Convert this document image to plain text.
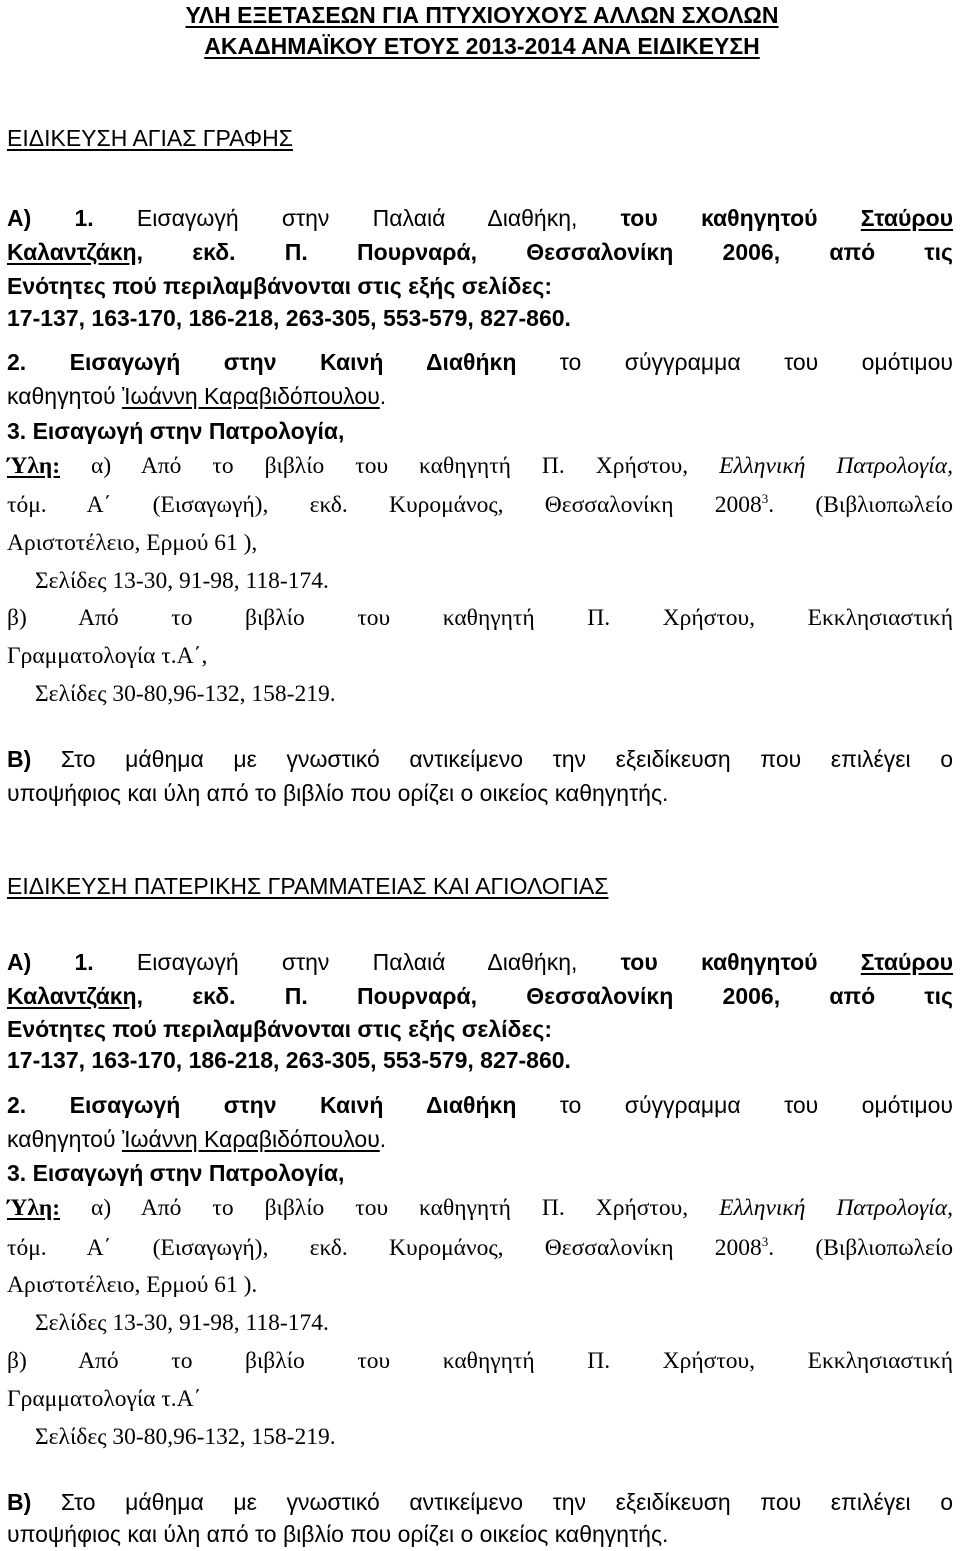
ΥΛΗ ΕΞΕΤΑΣΕΩΝ ΓΙΑ ΠΤΥΧΙΟΥΧΟΥΣ ΑΛΛΩΝ ΣΧΟΛΩΝ
ΑΚΑΔΗΜΑΪΚΟΥ ΕΤΟΥΣ 2013-2014 ΑΝΑ ΕΙΔΙΚΕΥΣΗ
ΕΙΔΙΚΕΥΣΗ ΑΓΙΑΣ ΓΡΑΦΗΣ
Α) 1. Εισαγωγή στην Παλαιά Διαθήκη, του καθηγητού Σταύρου
Καλαντζάκη, εκδ. Π. Πουρναρά, Θεσσαλονίκη 2006, από τις
Ενότητες πού περιλαμβάνονται στις εξής σελίδες:
17-137, 163-170, 186-218, 263-305, 553-579, 827-860.
2. Εισαγωγή στην Καινή Διαθήκη το σύγγραμμα του ομότιμου
καθηγητού Ἰωάννη Καραβιδόπουλου.
3. Εισαγωγή στην Πατρολογία,
Ύλη: α) Από το βιβλίο του καθηγητή Π. Χρήστου, Ελληνική Πατρολογία,
τόμ. Α΄ (Εισαγωγή), εκδ. Κυρομάνος, Θεσσαλονίκη 2008$^3$. (Βιβλιοπωλείο
Αριστοτέλειο, Ερμού 61 ),
Σελίδες 13-30, 91-98, 118-174.
β) Από το βιβλίο του καθηγητή Π. Χρήστου, Εκκλησιαστική
Γραμματολογία τ.Α΄,
Σελίδες 30-80,96-132, 158-219.
Β) Στο μάθημα με γνωστικό αντικείμενο την εξειδίκευση που επιλέγει ο
υποψήφιος και ύλη από το βιβλίο που ορίζει ο οικείος καθηγητής.
ΕΙΔΙΚΕΥΣΗ ΠΑΤΕΡΙΚΗΣ ΓΡΑΜΜΑΤΕΙΑΣ ΚΑΙ ΑΓΙΟΛΟΓΙΑΣ
Α) 1. Εισαγωγή στην Παλαιά Διαθήκη, του καθηγητού Σταύρου
Καλαντζάκη, εκδ. Π. Πουρναρά, Θεσσαλονίκη 2006, από τις
Ενότητες πού περιλαμβάνονται στις εξής σελίδες:
17-137, 163-170, 186-218, 263-305, 553-579, 827-860.
2. Εισαγωγή στην Καινή Διαθήκη το σύγγραμμα του ομότιμου
καθηγητού Ἰωάννη Καραβιδόπουλου.
3. Εισαγωγή στην Πατρολογία,
Ύλη: α) Από το βιβλίο του καθηγητή Π. Χρήστου, Ελληνική Πατρολογία,
τόμ. Α΄ (Εισαγωγή), εκδ. Κυρομάνος, Θεσσαλονίκη 2008$^3$. (Βιβλιοπωλείο
Αριστοτέλειο, Ερμού 61 ).
Σελίδες 13-30, 91-98, 118-174.
β) Από το βιβλίο του καθηγητή Π. Χρήστου, Εκκλησιαστική
Γραμματολογία τ.Α΄
Σελίδες 30-80,96-132, 158-219.
Β) Στο μάθημα με γνωστικό αντικείμενο την εξειδίκευση που επιλέγει ο
υποψήφιος και ύλη από το βιβλίο που ορίζει ο οικείος καθηγητής.
